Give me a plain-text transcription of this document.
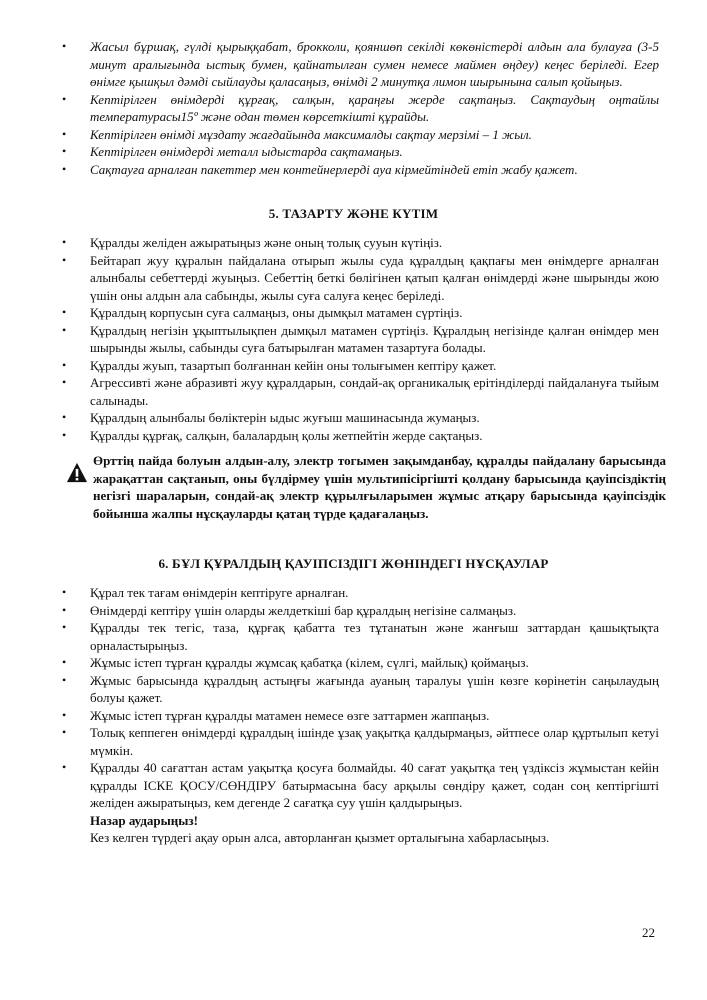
• Жасыл бұршақ, гүлді қырыққабат, брокколи, қояншөп секілді көкөністерді алдын ала булауға (3-5 минут аралығында ыстық бумен, қайнатылған сумен немесе маймен өңдеу) кеңес беріледі. Егер өнімге қышқыл дәмді сыйлауды қаласаңыз, өнімді 2 минутқа лимон шырынына салып қойыңыз.
• Кептірілген өнімдерді құрғақ, салқын, қараңғы жерде сақтаңыз. Сақтаудың оңтайлы температурасы15º және одан төмен көрсеткішті құрайды.
• Кептірілген өнімді мұздату жағдайында максималды сақтау мерзімі – 1 жыл.
• Кептірілген өнімдерді металл ыдыстарда сақтамаңыз.
• Сақтауға арналған пакеттер мен контейнерлерді ауа кірмейтіндей етіп жабу қажет.
5. ТАЗАРТУ ЖӘНЕ КҮТІМ
• Құралды желіден ажыратыңыз және оның толық сууын күтіңіз.
• Бейтарап жуу құралын пайдалана отырып жылы суда құралдың қақпағы мен өнімдерге арналған алынбалы себеттерді жуыңыз. Себеттің беткі бөлігінен қатып қалған өнімдерді және шырынды жою үшін оны алдын ала сабынды, жылы суға салуға кеңес беріледі.
• Құралдың корпусын суға салмаңыз, оны дымқыл матамен сүртіңіз.
• Құралдың негізін ұқыптылықпен дымқыл матамен сүртіңіз. Құралдың негізінде қалған өнімдер мен шырынды жылы, сабынды суға батырылған матамен тазартуға болады.
• Құралды жуып, тазартып болғаннан кейін оны толығымен кептіру қажет.
• Агрессивті және абразивті жуу құралдарын, сондай-ақ органикалық ерітінділерді пайдалануға тыйым салынады.
• Құралдың алынбалы бөліктерін ыдыс жуғыш машинасында жумаңыз.
• Құралды құрғақ, салқын, балалардың қолы жетпейтін жерде сақтаңыз.
Өрттің пайда болуын алдын-алу, электр тогымен зақымданбау, құралды пайдалану барысында жарақаттан сақтанып, оны бүлдірмеу үшін мультипісіргішті қолдану барысында қауіпсіздіктің негізгі шараларын, сондай-ақ электр құрылғыларымен жұмыс атқару барысында қауіпсіздік бойынша жалпы нұсқауларды қатаң түрде қадағалаңыз.
6. БҰЛ ҚҰРАЛДЫҢ ҚАУІПСІЗДІГІ ЖӨНІНДЕГІ НҰСҚАУЛАР
• Құрал тек тағам өнімдерін кептіруге арналған.
• Өнімдерді кептіру үшін оларды желдеткіші бар құралдың негізіне салмаңыз.
• Құралды тек тегіс, таза, құрғақ қабатта тез тұтанатын және жанғыш заттардан қашықтықта орналастырыңыз.
• Жұмыс істеп тұрған құралды жұмсақ қабатқа (кілем, сүлгі, майлық) қоймаңыз.
• Жұмыс барысында құралдың астыңғы жағында ауаның таралуы үшін көзге көрінетін саңылаудың болуы қажет.
• Жұмыс істеп тұрған құралды матамен немесе өзге заттармен жаппаңыз.
• Толық кеппеген өнімдерді құралдың ішінде ұзақ уақытқа қалдырмаңыз, әйтпесе олар құртылып кетуі мүмкін.
• Құралды 40 сағаттан астам уақытқа қосуға болмайды. 40 сағат уақытқа тең үздіксіз жұмыстан кейін құралды ІСКЕ ҚОСУ/СӨНДІРУ батырмасына басу арқылы сөндіру қажет, содан соң кептіргішті желіден ажыратыңыз, кем дегенде 2 сағатқа суу үшін қалдырыңыз.
Назар аударыңыз!
Кез келген түрдегі ақау орын алса, авторланған қызмет орталығына хабарласыңыз.
22
